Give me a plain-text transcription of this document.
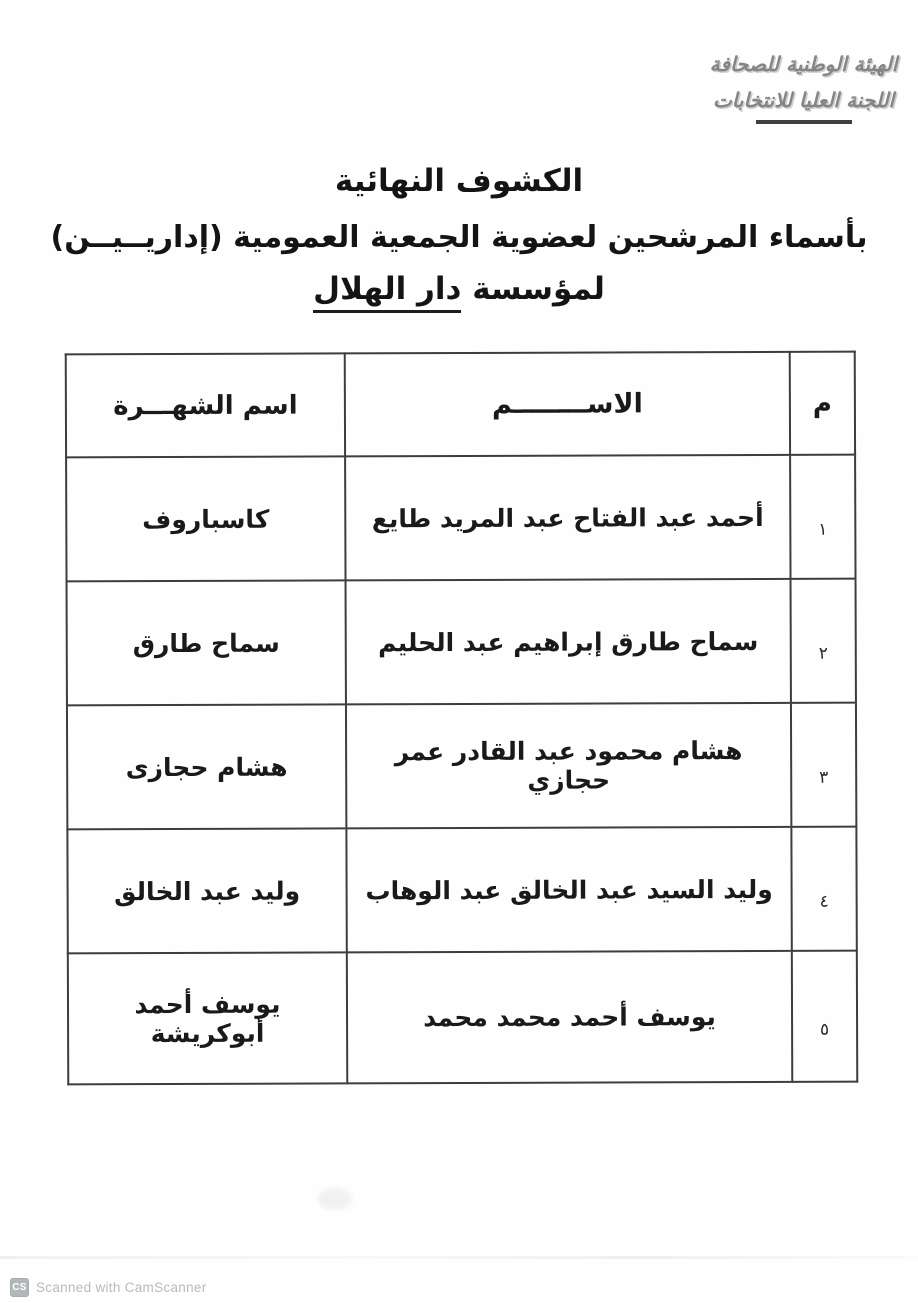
الهيئة الوطنية للصحافة
اللجنة العليا للانتخابات
الكشوف النهائية
بأسماء المرشحين لعضوية الجمعية العمومية (إداريــيــن)
لمؤسسة دار الهلال
م	الاســــــــم	اسم الشهـــرة
١	أحمد عبد الفتاح عبد المريد طايع	كاسباروف
٢	سماح طارق إبراهيم عبد الحليم	سماح طارق
٣	هشام محمود عبد القادر عمر حجازي	هشام حجازى
٤	وليد السيد عبد الخالق عبد الوهاب	وليد عبد الخالق
٥	يوسف أحمد محمد محمد	يوسف أحمد أبوكريشة
CS Scanned with CamScanner
